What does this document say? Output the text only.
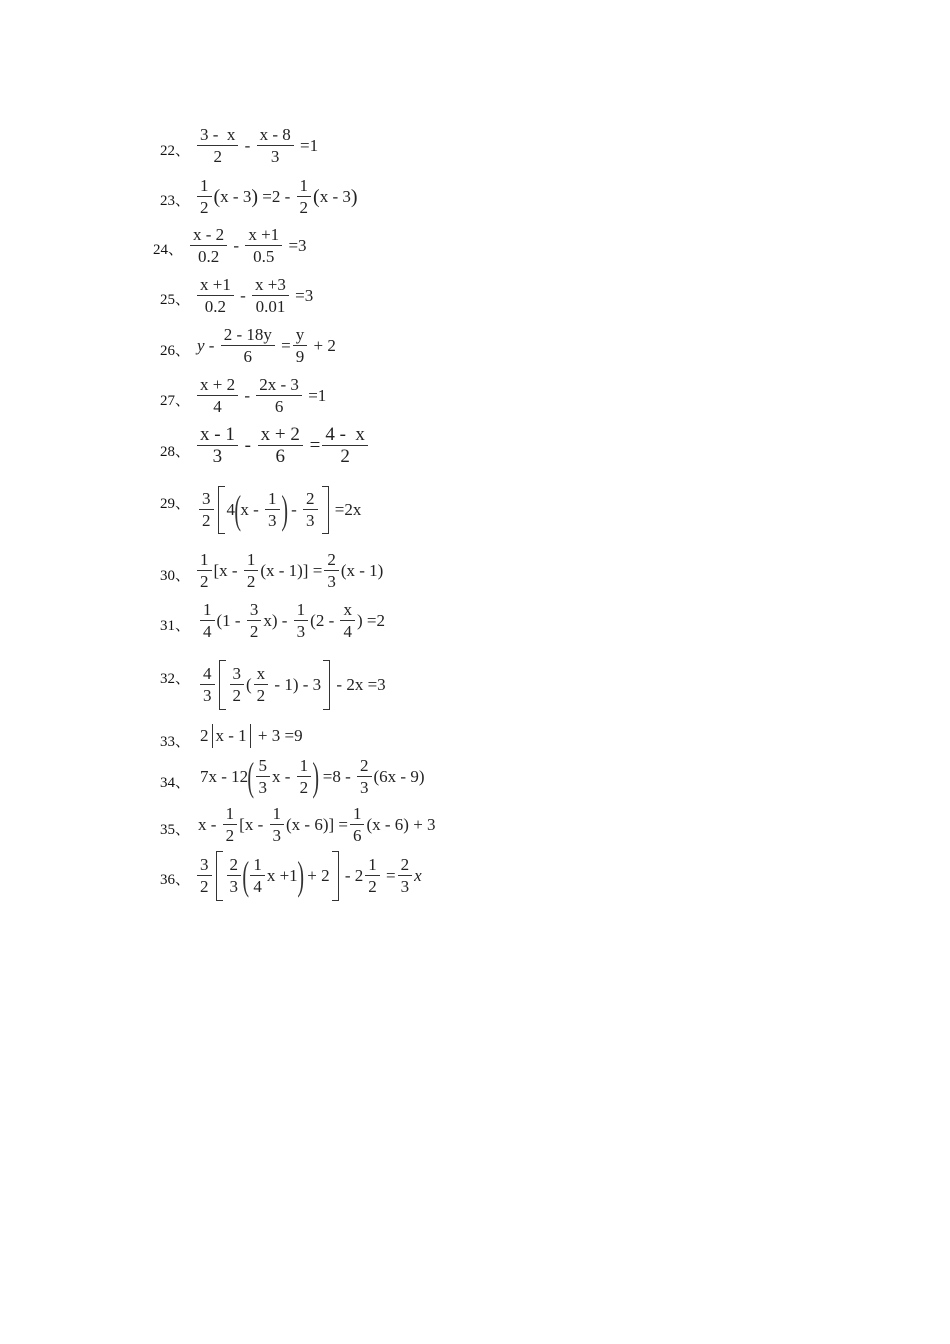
22、 $\frac{3 - x}{2} - \frac{x - 8}{3} =1$
23、 $\frac{1}{2}$ ( x - 3 ) $=2 - \frac{1}{2}$ ( x - 3 )
24、 $\frac{x - 2}{0.2} - \frac{x +1}{0.5} =3$
25、 $\frac{x +1}{0.2} - \frac{x +3}{0.01} =3$
26、 $y - \frac{2 - 18y}{6} = \frac{y}{9} + 2$
27、 $\frac{x + 2}{4} - \frac{2x - 3}{6} =1$
28、 $\frac{x - 1}{3} - \frac{x + 2}{6} = \frac{4 - x}{2}$
29、 $\frac{3}{2} 4$ ( x - $\frac{1}{3}$ ) - $\frac{2}{3} =2x$
30、 $\frac{1}{2} [x - \frac{1}{2} (x - 1)] = \frac{2}{3} (x - 1)$
31、 $\frac{1}{4} (1 - \frac{3}{2} x) - \frac{1}{3} (2 - \frac{x}{4}$ ) =2
32、 $\frac{4}{3} \frac{3}{2}$ ( $\frac{x}{2} - 1) - 3 - 2x =3$
33、 2 x - 1 + 3 =9
34、 7x - 12 ( $\frac{5}{3}$ x - $\frac{1}{2}$ ) $=8 - \frac{2}{3} (6x - 9)$
35、 $x - \frac{1}{2} [x - \frac{1}{3} (x - 6)] = \frac{1}{6} (x - 6) + 3$
36、 $\frac{3}{2} \frac{2}{3}$ ( $\frac{1}{4}$ x +1 ) + $2 - 2 \frac{1}{2} = \frac{2}{3}$ x
